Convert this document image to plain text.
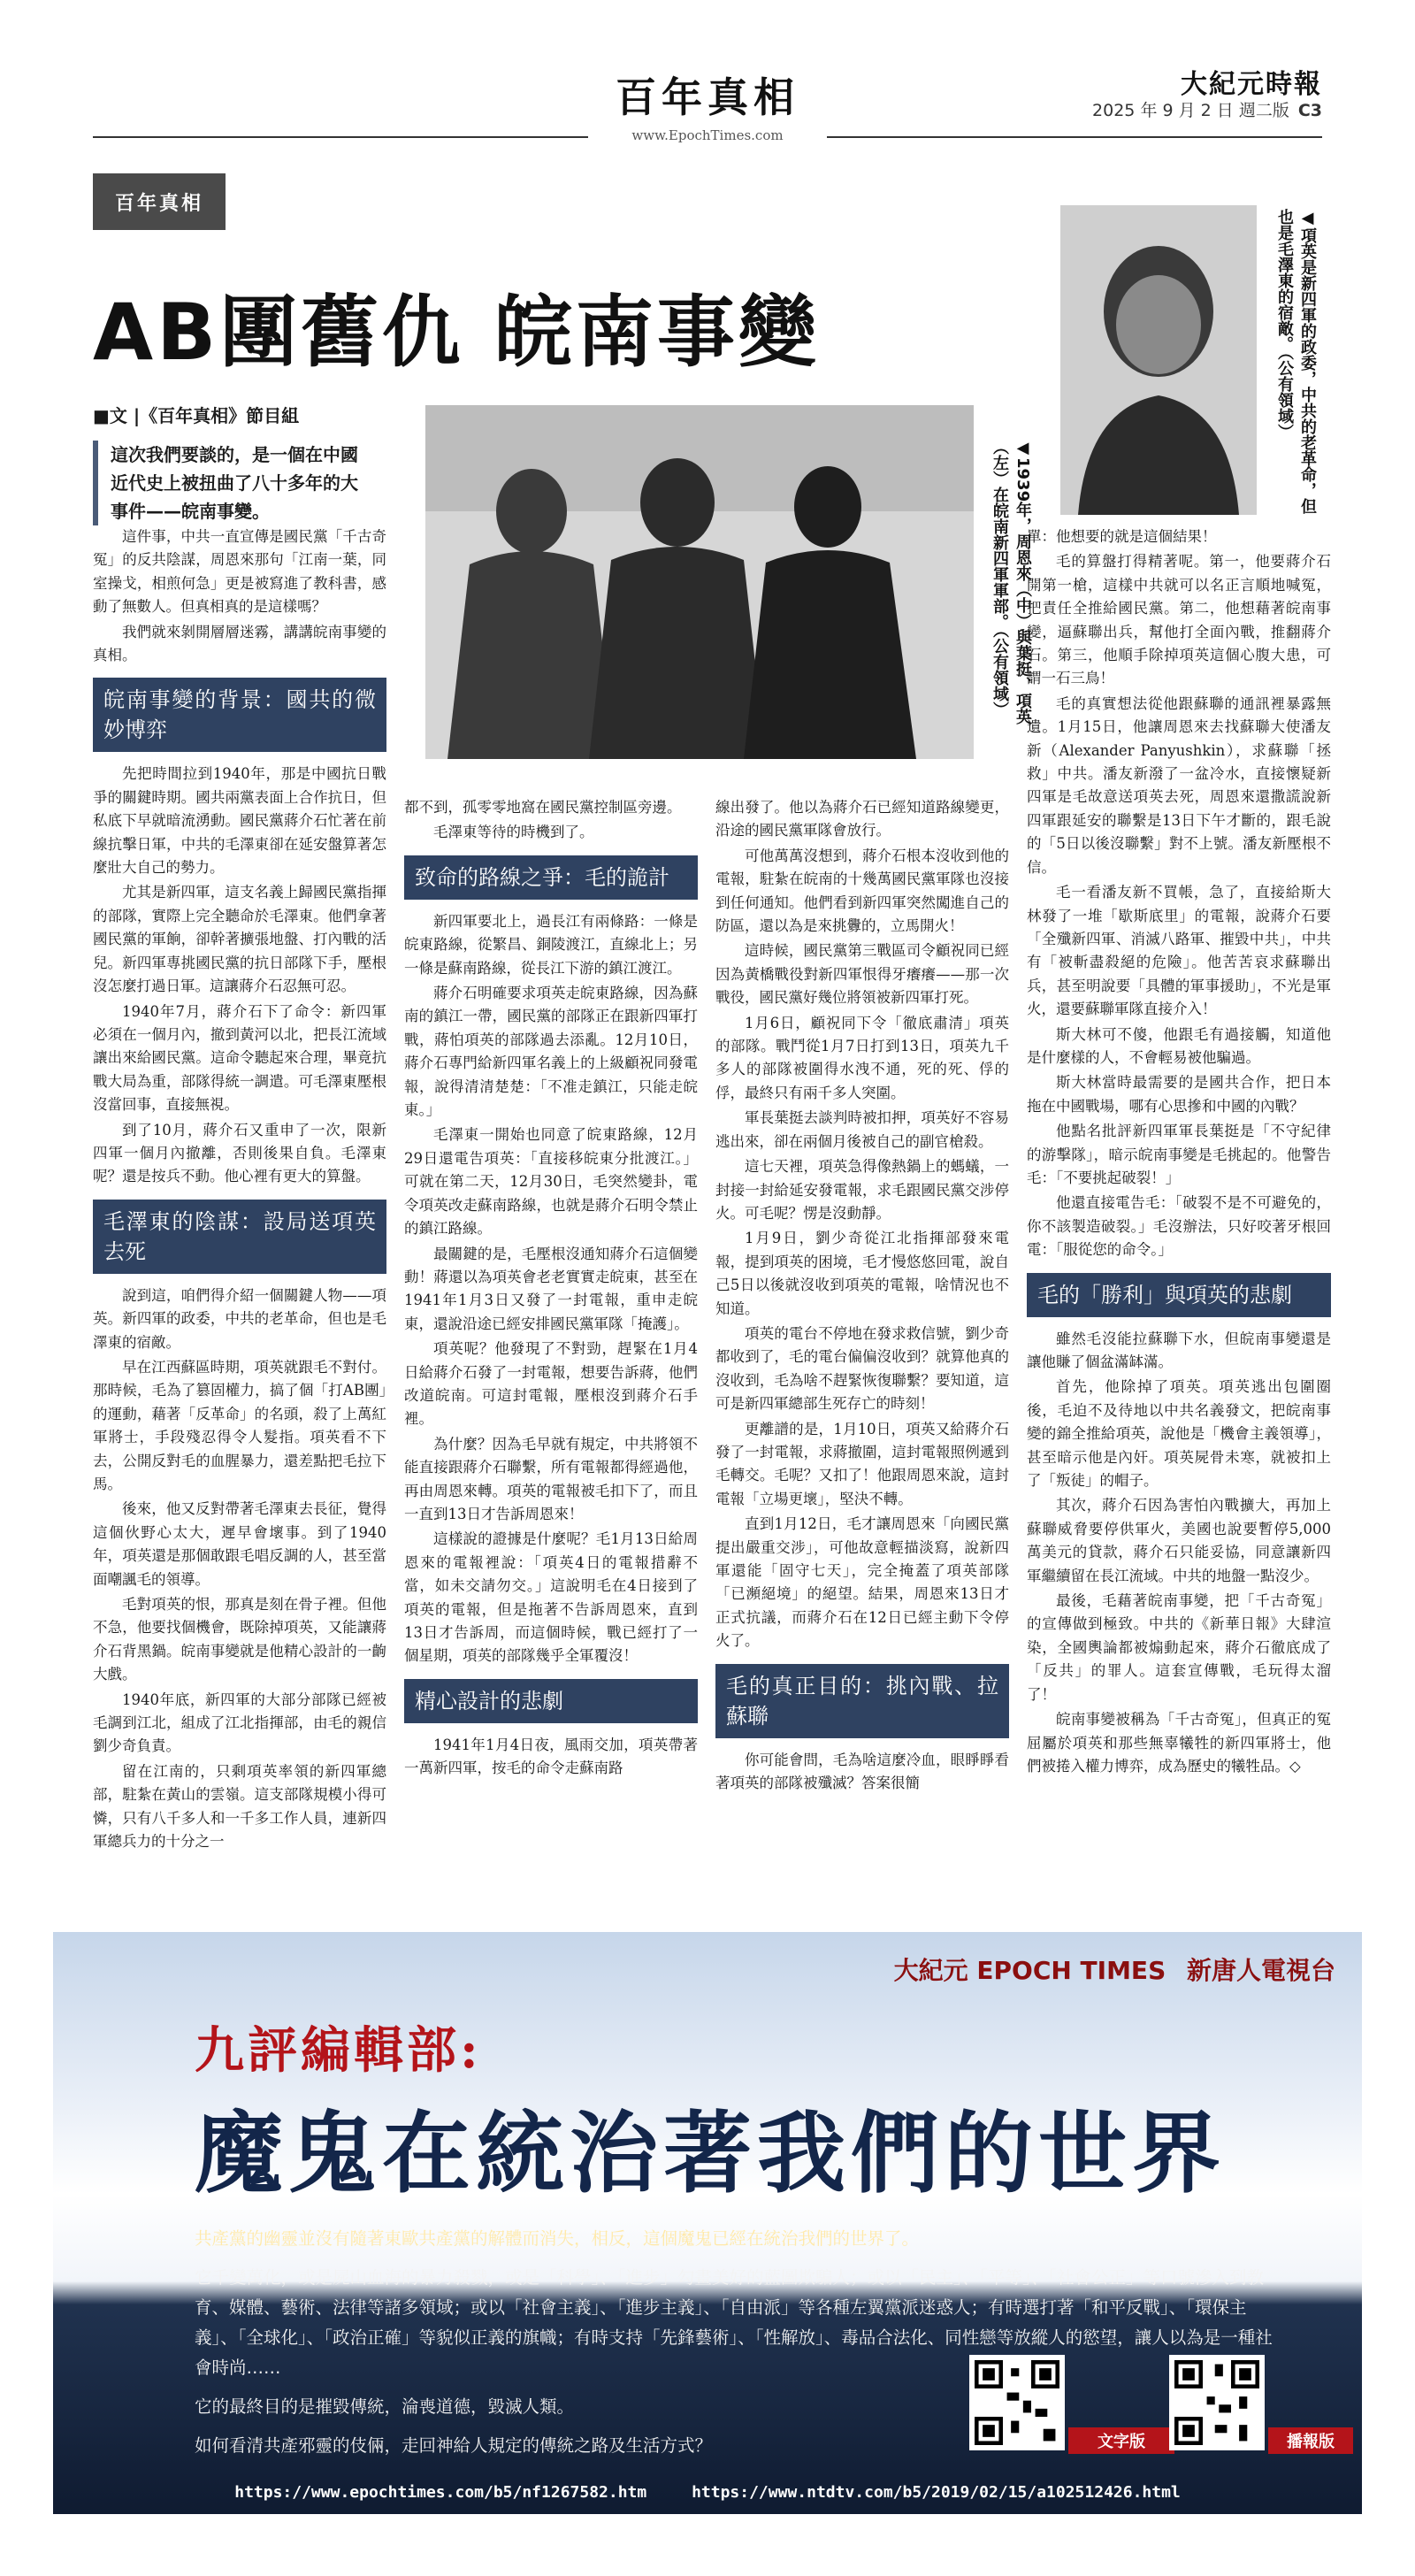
百年真相
www.EpochTimes.com
大紀元時報
2025 年 9 月 2 日 週二版 C3
百年真相
AB團舊仇 皖南事變
■文 |《百年真相》節目組
這次我們要談的，是一個在中國近代史上被扭曲了八十多年的大事件——皖南事變。	◀1939年，周恩來（中）與葉挺、項英（左）在皖南新四軍軍部。（公有領域）
◀項英是新四軍的政委，中共的老革命，但也是毛澤東的宿敵。（公有領域）

這件事，中共一直宣傳是國民黨「千古奇冤」的反共陰謀，周恩來那句「江南一葉，同室操戈，相煎何急」更是被寫進了教科書，感動了無數人。但真相真的是這樣嗎？

我們就來剝開層層迷霧，講講皖南事變的真相。

皖南事變的背景：國共的微妙博弈

先把時間拉到1940年，那是中國抗日戰爭的關鍵時期。國共兩黨表面上合作抗日，但私底下早就暗流湧動。國民黨蔣介石忙著在前線抗擊日軍，中共的毛澤東卻在延安盤算著怎麼壯大自己的勢力。

尤其是新四軍，這支名義上歸國民黨指揮的部隊，實際上完全聽命於毛澤東。他們拿著國民黨的軍餉，卻幹著擴張地盤、打內戰的活兒。新四軍專挑國民黨的抗日部隊下手，壓根沒怎麼打過日軍。這讓蔣介石忍無可忍。

1940年7月，蔣介石下了命令：新四軍必須在一個月內，撤到黃河以北，把長江流域讓出來給國民黨。這命令聽起來合理，畢竟抗戰大局為重，部隊得統一調遣。可毛澤東壓根沒當回事，直接無視。

到了10月，蔣介石又重申了一次，限新四軍一個月內撤離，否則後果自負。毛澤東呢？還是按兵不動。他心裡有更大的算盤。

毛澤東的陰謀：設局送項英去死

說到這，咱們得介紹一個關鍵人物——項英。新四軍的政委，中共的老革命，但也是毛澤東的宿敵。

早在江西蘇區時期，項英就跟毛不對付。那時候，毛為了篡固權力，搞了個「打AB團」的運動，藉著「反革命」的名頭，殺了上萬紅軍將士，手段殘忍得令人髮指。項英看不下去，公開反對毛的血腥暴力，還差點把毛拉下馬。

後來，他又反對帶著毛澤東去長征，覺得這個伙野心太大，遲早會壞事。到了1940年，項英還是那個敢跟毛唱反調的人，甚至當面嘲諷毛的領導。

毛對項英的恨，那真是刻在骨子裡。但他不急，他要找個機會，既除掉項英，又能讓蔣介石背黑鍋。皖南事變就是他精心設計的一齣大戲。

1940年底，新四軍的大部分部隊已經被毛調到江北，組成了江北指揮部，由毛的親信劉少奇負責。

留在江南的，只剩項英率領的新四軍總部，駐紮在黃山的雲嶺。這支部隊規模小得可憐，只有八千多人和一千多工作人員，連新四軍總兵力的十分之一

都不到，孤零零地窩在國民黨控制區旁邊。

毛澤東等待的時機到了。

致命的路線之爭：毛的詭計

新四軍要北上，過長江有兩條路：一條是皖東路線，從繁昌、銅陵渡江，直線北上；另一條是蘇南路線，從長江下游的鎮江渡江。

蔣介石明確要求項英走皖東路線，因為蘇南的鎮江一帶，國民黨的部隊正在跟新四軍打戰，蔣怕項英的部隊過去添亂。12月10日，蔣介石專門給新四軍名義上的上級顧祝同發電報，說得清清楚楚：「不准走鎮江，只能走皖東。」

毛澤東一開始也同意了皖東路線，12月29日還電告項英：「直接移皖東分批渡江。」可就在第二天，12月30日，毛突然變卦，電令項英改走蘇南路線，也就是蔣介石明令禁止的鎮江路線。

最關鍵的是，毛壓根沒通知蔣介石這個變動！蔣還以為項英會老老實實走皖東，甚至在1941年1月3日又發了一封電報，重申走皖東，還說沿途已經安排國民黨軍隊「掩護」。

項英呢？他發現了不對勁，趕緊在1月4日給蔣介石發了一封電報，想要告訴蔣，他們改道皖南。可這封電報，壓根沒到蔣介石手裡。

為什麼？因為毛早就有規定，中共將領不能直接跟蔣介石聯繫，所有電報都得經過他，再由周恩來轉。項英的電報被毛扣下了，而且一直到13日才告訴周恩來！

這樣說的證據是什麼呢？毛1月13日給周恩來的電報裡說：「項英4日的電報措辭不當，如未交請勿交。」這說明毛在4日接到了項英的電報，但是拖著不告訴周恩來，直到13日才告訴周，而這個時候，戰已經打了一個星期，項英的部隊幾乎全軍覆沒！

精心設計的悲劇

1941年1月4日夜，風雨交加，項英帶著一萬新四軍，按毛的命令走蘇南路

線出發了。他以為蔣介石已經知道路線變更，沿途的國民黨軍隊會放行。

可他萬萬沒想到，蔣介石根本沒收到他的電報，駐紮在皖南的十幾萬國民黨軍隊也沒接到任何通知。他們看到新四軍突然闖進自己的防區，還以為是來挑釁的，立馬開火！

這時候，國民黨第三戰區司令顧祝同已經因為黃橋戰役對新四軍恨得牙癢癢——那一次戰役，國民黨好幾位將領被新四軍打死。

1月6日，顧祝同下令「徹底肅清」項英的部隊。戰鬥從1月7日打到13日，項英九千多人的部隊被圍得水洩不通，死的死、俘的俘，最終只有兩千多人突圍。

軍長葉挺去談判時被扣押，項英好不容易逃出來，卻在兩個月後被自己的副官槍殺。

這七天裡，項英急得像熱鍋上的螞蟻，一封接一封給延安發電報，求毛跟國民黨交涉停火。可毛呢？愣是沒動靜。

1月9日，劉少奇從江北指揮部發來電報，提到項英的困境，毛才慢悠悠回電，說自己5日以後就沒收到項英的電報，啥情況也不知道。

項英的電台不停地在發求救信號，劉少奇都收到了，毛的電台偏偏沒收到？就算他真的沒收到，毛為啥不趕緊恢復聯繫？要知道，這可是新四軍總部生死存亡的時刻！

更離譜的是，1月10日，項英又給蔣介石發了一封電報，求蔣撤圍，這封電報照例遞到毛轉交。毛呢？又扣了！他跟周恩來說，這封電報「立場更壞」，堅決不轉。

直到1月12日，毛才讓周恩來「向國民黨提出嚴重交涉」，可他故意輕描淡寫，說新四軍還能「固守七天」，完全掩蓋了項英部隊「已瀕絕境」的絕望。結果，周恩來13日才正式抗議，而蔣介石在12日已經主動下令停火了。

毛的真正目的：挑內戰、拉蘇聯

你可能會問，毛為啥這麼冷血，眼睜睜看著項英的部隊被殲滅？答案很簡

單：他想要的就是這個結果！

毛的算盤打得精著呢。第一，他要蔣介石開第一槍，這樣中共就可以名正言順地喊冤，把責任全推給國民黨。第二，他想藉著皖南事變，逼蘇聯出兵，幫他打全面內戰，推翻蔣介石。第三，他順手除掉項英這個心腹大患，可謂一石三鳥！

毛的真實想法從他跟蘇聯的通訊裡暴露無遺。1月15日，他讓周恩來去找蘇聯大使潘友新（Alexander Panyushkin），求蘇聯「拯救」中共。潘友新潑了一盆冷水，直接懷疑新四軍是毛故意送項英去死，周恩來還撒謊說新四軍跟延安的聯繫是13日下午才斷的，跟毛說的「5日以後沒聯繫」對不上號。潘友新壓根不信。

毛一看潘友新不買帳，急了，直接給斯大林發了一堆「歇斯底里」的電報，說蔣介石要「全殲新四軍、消滅八路軍、摧毀中共」，中共有「被斬盡殺絕的危險」。他苦苦哀求蘇聯出兵，甚至明說要「具體的軍事援助」，不光是軍火，還要蘇聯軍隊直接介入！

斯大林可不傻，他跟毛有過接觸，知道他是什麼樣的人，不會輕易被他騙過。

斯大林當時最需要的是國共合作，把日本拖在中國戰場，哪有心思摻和中國的內戰？

他點名批評新四軍軍長葉挺是「不守紀律的游擊隊」，暗示皖南事變是毛挑起的。他警告毛：「不要挑起破裂！」

他還直接電告毛：「破裂不是不可避免的，你不該製造破裂。」毛沒辦法，只好咬著牙根回電：「服從您的命令。」

毛的「勝利」與項英的悲劇

雖然毛沒能拉蘇聯下水，但皖南事變還是讓他賺了個盆滿缽滿。

首先，他除掉了項英。項英逃出包圍圈後，毛迫不及待地以中共名義發文，把皖南事變的錦全推給項英，說他是「機會主義領導」，甚至暗示他是內奸。項英屍骨未寒，就被扣上了「叛徒」的帽子。

其次，蔣介石因為害怕內戰擴大，再加上蘇聯威脅要停供軍火，美國也說要暫停5,000萬美元的貸款，蔣介石只能妥協，同意讓新四軍繼續留在長江流域。中共的地盤一點沒少。

最後，毛藉著皖南事變，把「千古奇冤」的宣傳做到極致。中共的《新華日報》大肆渲染，全國輿論都被煽動起來，蔣介石徹底成了「反共」的罪人。這套宣傳戰，毛玩得太溜了！

皖南事變被稱為「千古奇冤」，但真正的冤屈屬於項英和那些無辜犧牲的新四軍將士，他們被捲入權力博弈，成為歷史的犧牲品。◇

大紀元 EPOCH TIMES 新唐人電視台
九評編輯部:
魔鬼在統治著我們的世界

共產黨的幽靈並沒有隨著東歐共產黨的解體而消失，相反，這個魔鬼已經在統治我們的世界了。

它千變萬化，或是屍山血海的暴力殺戮，或是「科學」、「進步」勾畫美好的藍圖欺騙人；或以「民主」、「平等」、「社會公正」等口號滲入到教育、媒體、藝術、法律等諸多領域；或以「社會主義」、「進步主義」、「自由派」等各種左翼黨派迷惑人；有時選打著「和平反戰」、「環保主義」、「全球化」、「政治正確」等貌似正義的旗幟；有時支持「先鋒藝術」、「性解放」、毒品合法化、同性戀等放縱人的慾望，讓人以為是一種社會時尚……

它的最終目的是摧毀傳統，淪喪道德，毀滅人類。

如何看清共產邪靈的伎倆，走回神給人規定的傳統之路及生活方式？	文字版	播報版
https://www.epochtimes.com/b5/nf1267582.htm	https://www.ntdtv.com/b5/2019/02/15/a102512426.html
